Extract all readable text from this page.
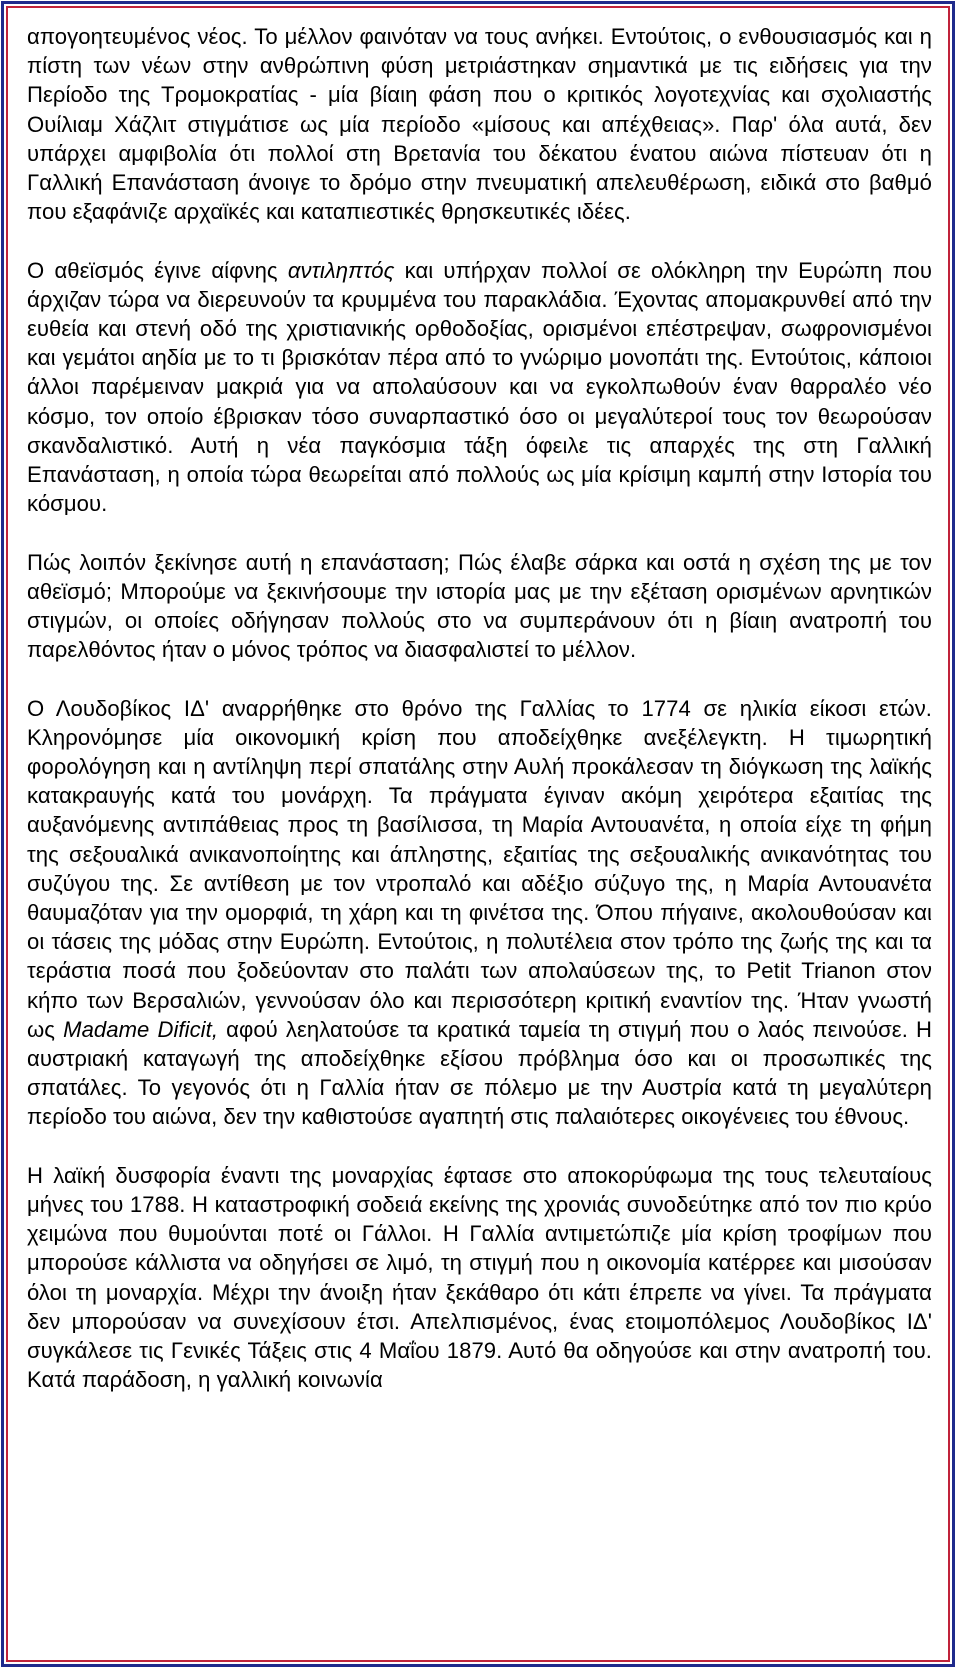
απογοητευμένος νέος. Το μέλλον φαινόταν να τους ανήκει. Εντούτοις, ο ενθουσιασμός και η πίστη των νέων στην ανθρώπινη φύση μετριάστηκαν σημαντικά με τις ειδήσεις για την Περίοδο της Τρομοκρατίας - μία βίαιη φάση που ο κριτικός λογοτεχνίας και σχολιαστής Ουίλιαμ Χάζλιτ στιγμάτισε ως μία περίοδο «μίσους και απέχθειας». Παρ' όλα αυτά, δεν υπάρχει αμφιβολία ότι πολλοί στη Βρετανία του δέκατου ένατου αιώνα πίστευαν ότι η Γαλλική Επανάσταση άνοιγε το δρόμο στην πνευματική απελευθέρωση, ειδικά στο βαθμό που εξαφάνιζε αρχαϊκές και καταπιεστικές θρησκευτικές ιδέες.

Ο αθεϊσμός έγινε αίφνης αντιληπτός και υπήρχαν πολλοί σε ολόκληρη την Ευρώπη που άρχιζαν τώρα να διερευνούν τα κρυμμένα του παρακλάδια. Έχοντας απομακρυνθεί από την ευθεία και στενή οδό της χριστιανικής ορθοδοξίας, ορισμένοι επέστρεψαν, σωφρονισμένοι και γεμάτοι αηδία με το τι βρισκόταν πέρα από το γνώριμο μονοπάτι της. Εντούτοις, κάποιοι άλλοι παρέμειναν μακριά για να απολαύσουν και να εγκολπωθούν έναν θαρραλέο νέο κόσμο, τον οποίο έβρισκαν τόσο συναρπαστικό όσο οι μεγαλύτεροί τους τον θεωρούσαν σκανδαλιστικό. Αυτή η νέα παγκόσμια τάξη όφειλε τις απαρχές της στη Γαλλική Επανάσταση, η οποία τώρα θεωρείται από πολλούς ως μία κρίσιμη καμπή στην Ιστορία του κόσμου.

Πώς λοιπόν ξεκίνησε αυτή η επανάσταση; Πώς έλαβε σάρκα και οστά η σχέση της με τον αθεϊσμό; Μπορούμε να ξεκινήσουμε την ιστορία μας με την εξέταση ορισμένων αρνητικών στιγμών, οι οποίες οδήγησαν πολλούς στο να συμπεράνουν ότι η βίαιη ανατροπή του παρελθόντος ήταν ο μόνος τρόπος να διασφαλιστεί το μέλλον.

Ο Λουδοβίκος ΙΔ' αναρρήθηκε στο θρόνο της Γαλλίας το 1774 σε ηλικία είκοσι ετών. Κληρονόμησε μία οικονομική κρίση που αποδείχθηκε ανεξέλεγκτη. Η τιμωρητική φορολόγηση και η αντίληψη περί σπατάλης στην Αυλή προκάλεσαν τη διόγκωση της λαϊκής κατακραυγής κατά του μονάρχη. Τα πράγματα έγιναν ακόμη χειρότερα εξαιτίας της αυξανόμενης αντιπάθειας προς τη βασίλισσα, τη Μαρία Αντουανέτα, η οποία είχε τη φήμη της σεξουαλικά ανικανοποίητης και άπληστης, εξαιτίας της σεξουαλικής ανικανότητας του συζύγου της. Σε αντίθεση με τον ντροπαλό και αδέξιο σύζυγο της, η Μαρία Αντουανέτα θαυμαζόταν για την ομορφιά, τη χάρη και τη φινέτσα της. Όπου πήγαινε, ακολουθούσαν και οι τάσεις της μόδας στην Ευρώπη. Εντούτοις, η πολυτέλεια στον τρόπο της ζωής της και τα τεράστια ποσά που ξοδεύονταν στο παλάτι των απολαύσεων της, το Petit Trianon στον κήπο των Βερσαλιών, γεννούσαν όλο και περισσότερη κριτική εναντίον της. Ήταν γνωστή ως Madame Dificit, αφού λεηλατούσε τα κρατικά ταμεία τη στιγμή που ο λαός πεινούσε. Η αυστριακή καταγωγή της αποδείχθηκε εξίσου πρόβλημα όσο και οι προσωπικές της σπατάλες. Το γεγονός ότι η Γαλλία ήταν σε πόλεμο με την Αυστρία κατά τη μεγαλύτερη περίοδο του αιώνα, δεν την καθιστούσε αγαπητή στις παλαιότερες οικογένειες του έθνους.

Η λαϊκή δυσφορία έναντι της μοναρχίας έφτασε στο αποκορύφωμα της τους τελευταίους μήνες του 1788. Η καταστροφική σοδειά εκείνης της χρονιάς συνοδεύτηκε από τον πιο κρύο χειμώνα που θυμούνται ποτέ οι Γάλλοι. Η Γαλλία αντιμετώπιζε μία κρίση τροφίμων που μπορούσε κάλλιστα να οδηγήσει σε λιμό, τη στιγμή που η οικονομία κατέρρεε και μισούσαν όλοι τη μοναρχία. Μέχρι την άνοιξη ήταν ξεκάθαρο ότι κάτι έπρεπε να γίνει. Τα πράγματα δεν μπορούσαν να συνεχίσουν έτσι. Απελπισμένος, ένας ετοιμοπόλεμος Λουδοβίκος ΙΔ' συγκάλεσε τις Γενικές Τάξεις στις 4 Μαΐου 1879. Αυτό θα οδηγούσε και στην ανατροπή του. Κατά παράδοση, η γαλλική κοινωνία
